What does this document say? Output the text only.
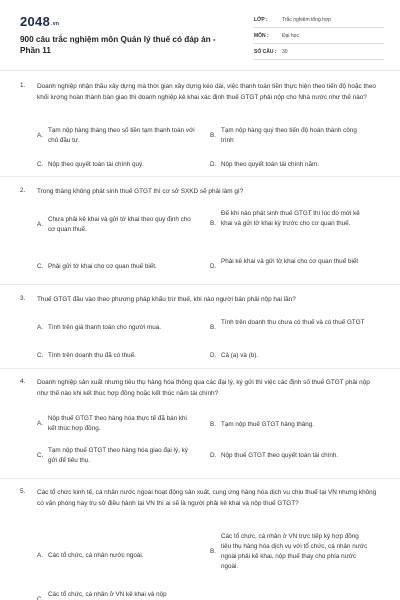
$2048^{.vn}$
900 câu trắc nghiệm môn Quản lý thuế có đáp án - Phần 11
LỚP :	Trắc nghiệm tổng hợp
MÔN :	Đại học
SỐ CÂU : 30
1. Doanh nghiệp nhận thầu xây dựng mà thời gian xây dựng kéo dài, việc thanh toán tiền thực hiện theo tiến độ hoặc theo khối lượng hoàn thành bàn giao thì doanh nghiệp kê khai xác định thuế GTGT phải nộp cho Nhà nước như thế nào?
A.
Tạm nộp hàng tháng theo số tiền tạm thanh toán với chủ đầu tư.
B.
Tạm nộp hàng quý theo tiến độ hoàn thành công trình
C. Nộp theo quyết toán tài chính quý.	D. Nộp theo quyết toán tài chính năm.
2. Trong tháng không phát sinh thuế GTGT thì cơ sở SXKD sẽ phải làm gì?
A.
Chưa phải kê khai và gửi tờ khai theo quy định cho cơ quan thuế.
B.
Đế khi nào phát sinh thuế GTGT thì lúc đó mới kê khai và gửi tờ khai kỳ trước cho cơ quan thuế.
C. Phải gửi tờ khai cho cơ quan thuế biết.	D.
Phải kê khai và gửi tờ khai cho cơ quan thuế biết
3. Thuế GTGT đầu vào theo phương pháp khấu trừ thuế, khi nào người bán phải nộp hai lần?
A. Tính trên giá thanh toán cho người mua.	B.
Tính trên doanh thu chưa có thuế và có thuế GTGT
C. Tính trên doanh thu đã có thuế.	D. Cả (a) và (b).
4. Doanh nghiệp sản xuất nhưng tiêu thụ hàng hóa thông qua các đại lý, ký gửi thì việc các định số thuế GTGT phải nộp như thế nào khi kết thúc hợp đồng hoặc kết thúc năm tài chính?
A.
Nộp thuế GTGT theo hàng hóa thực tế đã bán khi kết thúc hợp đồng.
B. Tạm nộp thuế GTGT hàng tháng.
C.
Tạm nộp thuế GTGT theo hàng hóa giao đại lý, ký gửi để tiêu thụ.
D. Nộp thuế GTGT theo quyết toán tài chính.
5. Các tổ chức kinh tế, cá nhân nước ngoài hoạt động sản xuất, cung ứng hàng hóa dịch vụ chịu thuế tại VN nhưng không có văn phòng hay trụ sở điều hành tại VN thì ai sẽ là người phải kê khai và nộp thuế GTGT?
A. Các tổ chức, cá nhân nước ngoài.
B.
Các tổ chức, cá nhân ở VN trực tiếp ký hợp đồng tiêu thụ hàng hóa dịch vụ với tổ chức, cá nhân nước ngoài phải kê khai, nộp thuế thay cho phía nước ngoài.
C.
Các tổ chức, cá nhân ở VN kê khai và nộp
